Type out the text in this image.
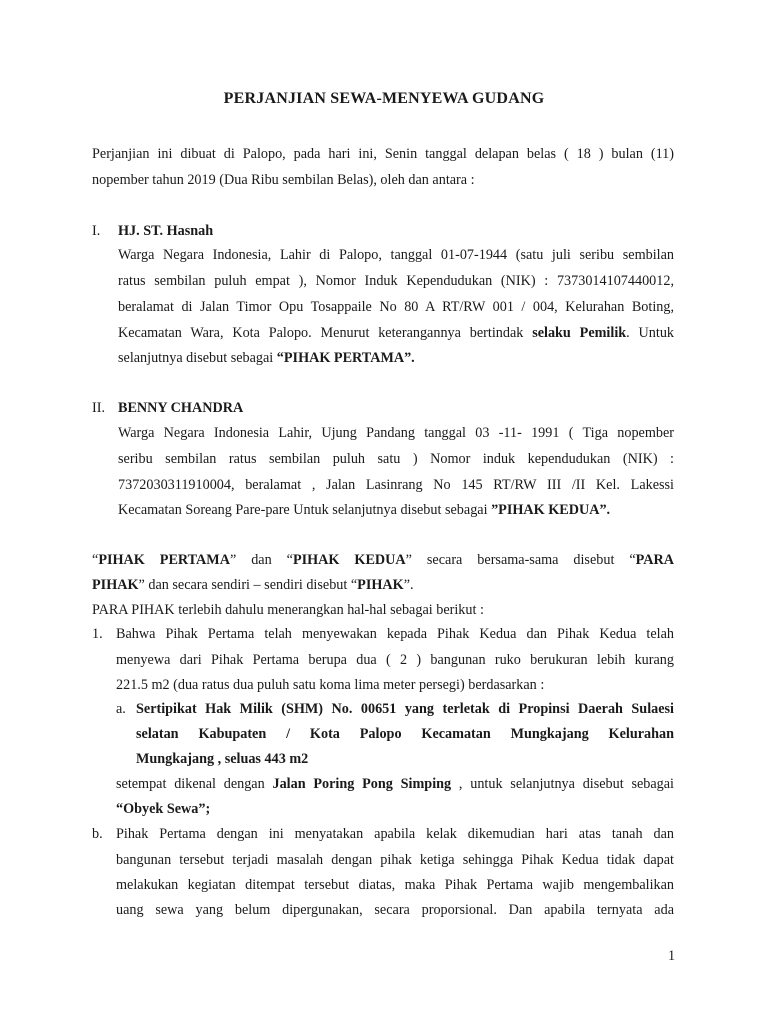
PERJANJIAN SEWA-MENYEWA GUDANG
Perjanjian ini dibuat di Palopo, pada hari ini, Senin tanggal delapan belas ( 18 ) bulan (11)
nopember tahun 2019 (Dua Ribu sembilan Belas), oleh dan antara :
I. HJ. ST. Hasnah
Warga Negara Indonesia, Lahir di Palopo, tanggal 01-07-1944 (satu juli seribu sembilan
ratus sembilan puluh empat ), Nomor Induk Kependudukan (NIK) : 7373014107440012,
beralamat di Jalan Timor Opu Tosappaile No 80 A RT/RW 001 / 004, Kelurahan Boting,
Kecamatan Wara, Kota Palopo. Menurut keterangannya bertindak selaku Pemilik. Untuk
selanjutnya disebut sebagai “PIHAK PERTAMA”.
II. BENNY CHANDRA
Warga Negara Indonesia Lahir, Ujung Pandang tanggal 03 -11- 1991 ( Tiga nopember
seribu sembilan ratus sembilan puluh satu ) Nomor induk kependudukan (NIK) :
7372030311910004, beralamat , Jalan Lasinrang No 145 RT/RW III /II Kel. Lakessi
Kecamatan Soreang Pare-pare Untuk selanjutnya disebut sebagai ”PIHAK KEDUA”.
“PIHAK PERTAMA” dan “PIHAK KEDUA” secara bersama-sama disebut “PARA
PIHAK” dan secara sendiri – sendiri disebut “PIHAK”.
PARA PIHAK terlebih dahulu menerangkan hal-hal sebagai berikut :
1. Bahwa Pihak Pertama telah menyewakan kepada Pihak Kedua dan Pihak Kedua telah
menyewa dari Pihak Pertama berupa dua ( 2 ) bangunan ruko berukuran lebih kurang
221.5 m2 (dua ratus dua puluh satu koma lima meter persegi) berdasarkan :
a. Sertipikat Hak Milik (SHM) No. 00651 yang terletak di Propinsi Daerah Sulaesi
selatan Kabupaten / Kota Palopo Kecamatan Mungkajang Kelurahan
Mungkajang , seluas 443 m2
setempat dikenal dengan Jalan Poring Pong Simping , untuk selanjutnya disebut sebagai
“Obyek Sewa”;
b. Pihak Pertama dengan ini menyatakan apabila kelak dikemudian hari atas tanah dan
bangunan tersebut terjadi masalah dengan pihak ketiga sehingga Pihak Kedua tidak dapat
melakukan kegiatan ditempat tersebut diatas, maka Pihak Pertama wajib mengembalikan
uang sewa yang belum dipergunakan, secara proporsional. Dan apabila ternyata ada
1
